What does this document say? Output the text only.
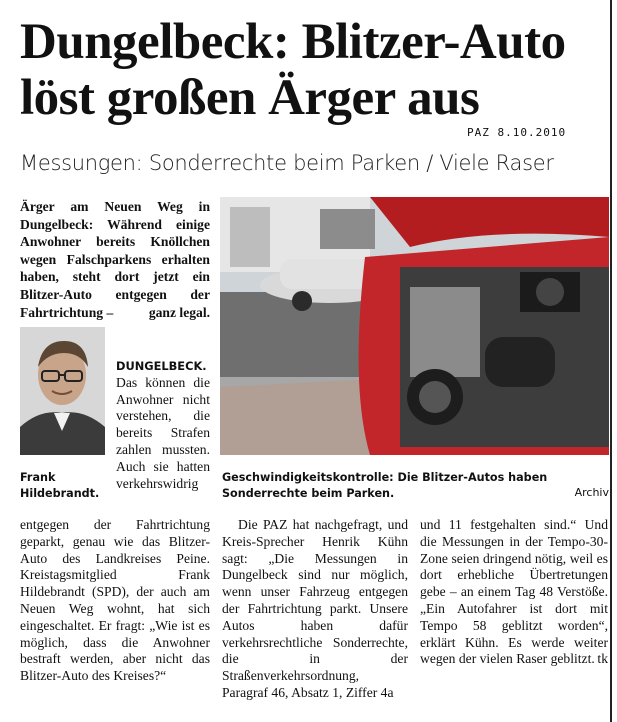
Dungelbeck: Blitzer-Auto
löst großen Ärger aus
PAZ 8.10.2010
Messungen: Sonderrechte beim Parken / Viele Raser

Ärger am Neuen Weg in Dungelbeck: Während einige Anwohner bereits Knöllchen wegen Falschparkens erhalten haben, steht dort jetzt ein Blitzer-Auto entgegen der Fahrtrichtung –	ganz legal.

Frank
Hildebrandt.

DUNGELBECK. Das können die Anwohner nicht verstehen, die bereits Strafen zahlen mussten. Auch sie hatten verkehrswidrig	Geschwindigkeitskontrolle: Die Blitzer-Autos haben Sonderrechte beim Parken.	Archiv

entgegen der Fahrtrichtung geparkt, genau wie das Blitzer-Auto des Landkreises Peine. Kreistagsmitglied Frank Hildebrandt (SPD), der auch am Neuen Weg wohnt, hat sich eingeschaltet. Er fragt: „Wie ist es möglich, dass die Anwohner bestraft werden, aber nicht das Blitzer-Auto des Kreises?“

Die PAZ hat nachgefragt, und Kreis-Sprecher Henrik Kühn sagt: „Die Messungen in Dungelbeck sind nur möglich, wenn unser Fahrzeug entgegen der Fahrtrichtung parkt. Unsere Autos haben dafür verkehrsrechtliche Sonderrechte, die in der Straßenverkehrsordnung, Paragraf 46, Absatz 1, Ziffer 4a

und 11 festgehalten sind.“ Und die Messungen in der Tempo-30-Zone seien dringend nötig, weil es dort erhebliche Übertretungen gebe – an einem Tag 48 Verstöße. „Ein Autofahrer ist dort mit Tempo 58 geblitzt worden“, erklärt Kühn. Es werde weiter wegen der vielen Raser geblitzt. tk
